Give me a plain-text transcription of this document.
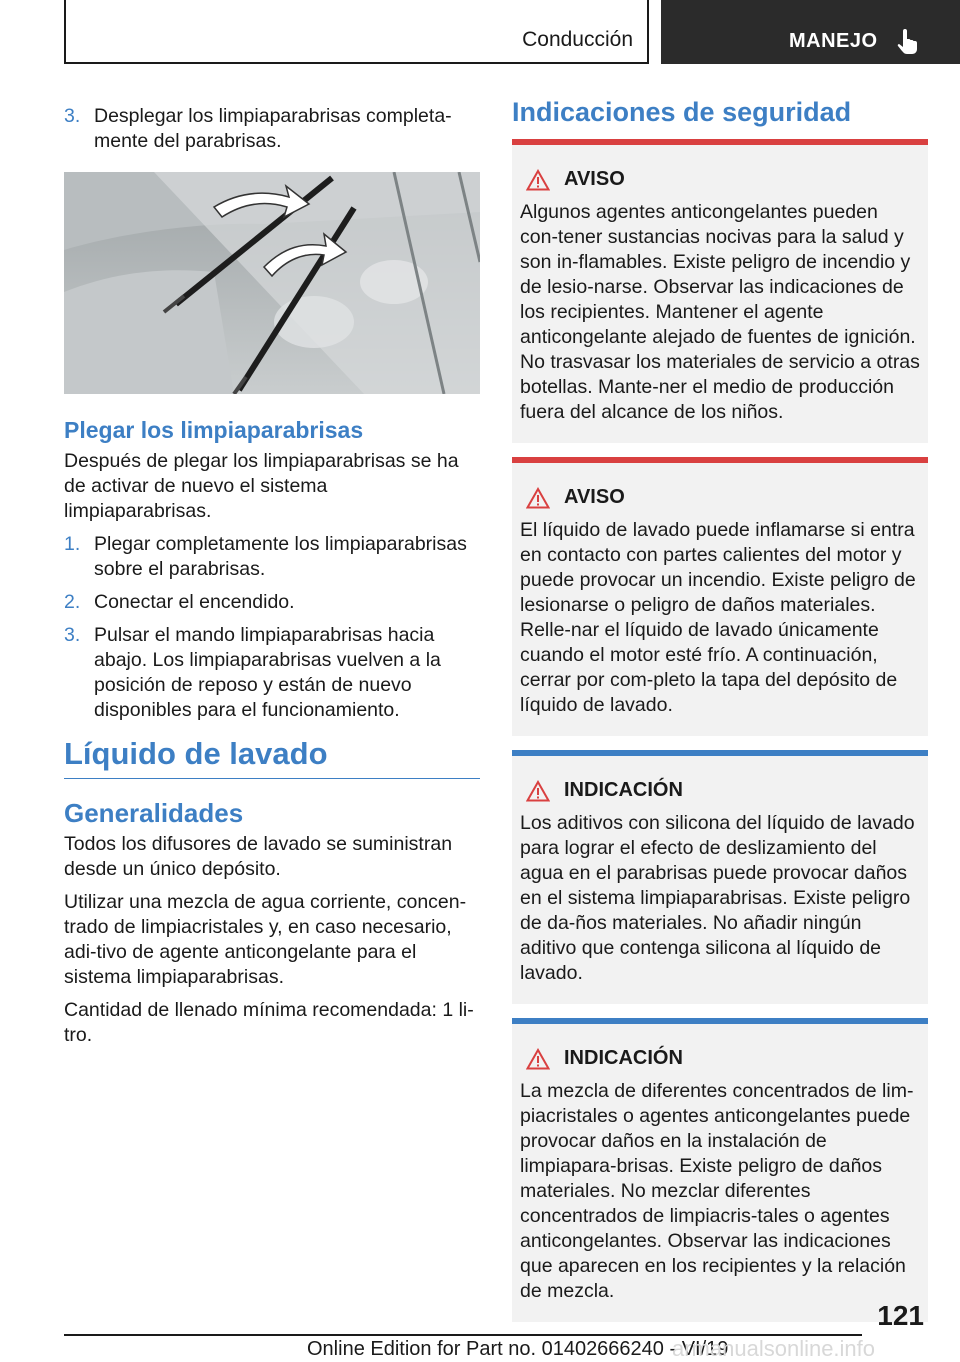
Conducción	MANEJO
3. Desplegar los limpiaparabrisas completa-mente del parabrisas.
Plegar los limpiaparabrisas

Después de plegar los limpiaparabrisas se ha de activar de nuevo el sistema limpiaparabrisas.

1. Plegar completamente los limpiaparabrisas sobre el parabrisas.
2. Conectar el encendido.
3. Pulsar el mando limpiaparabrisas hacia abajo. Los limpiaparabrisas vuelven a la posición de reposo y están de nuevo disponibles para el funcionamiento.
Líquido de lavado
Generalidades

Todos los difusores de lavado se suministran desde un único depósito.

Utilizar una mezcla de agua corriente, concen-trado de limpiacristales y, en caso necesario, adi-tivo de agente anticongelante para el sistema limpiaparabrisas.

Cantidad de llenado mínima recomendada: 1 li-tro.

Indicaciones de seguridad
AVISO
Algunos agentes anticongelantes pueden con-tener sustancias nocivas para la salud y son in-flamables. Existe peligro de incendio y de lesio-narse. Observar las indicaciones de los recipientes. Mantener el agente anticongelante alejado de fuentes de ignición. No trasvasar los materiales de servicio a otras botellas. Mante-ner el medio de producción fuera del alcance de los niños.
AVISO
El líquido de lavado puede inflamarse si entra en contacto con partes calientes del motor y puede provocar un incendio. Existe peligro de lesionarse o peligro de daños materiales. Relle-nar el líquido de lavado únicamente cuando el motor esté frío. A continuación, cerrar por com-pleto la tapa del depósito de líquido de lavado.
INDICACIÓN
Los aditivos con silicona del líquido de lavado para lograr el efecto de deslizamiento del agua en el parabrisas puede provocar daños en el sistema limpiaparabrisas. Existe peligro de da-ños materiales. No añadir ningún aditivo que contenga silicona al líquido de lavado.
INDICACIÓN
La mezcla de diferentes concentrados de lim-piacristales o agentes anticongelantes puede provocar daños en la instalación de limpiapara-brisas. Existe peligro de daños materiales. No mezclar diferentes concentrados de limpiacris-tales o agentes anticongelantes. Observar las indicaciones que aparecen en los recipientes y la relación de mezcla.
121
Online Edition for Part no. 01402666240 - VI/19
armanualsonline.info
